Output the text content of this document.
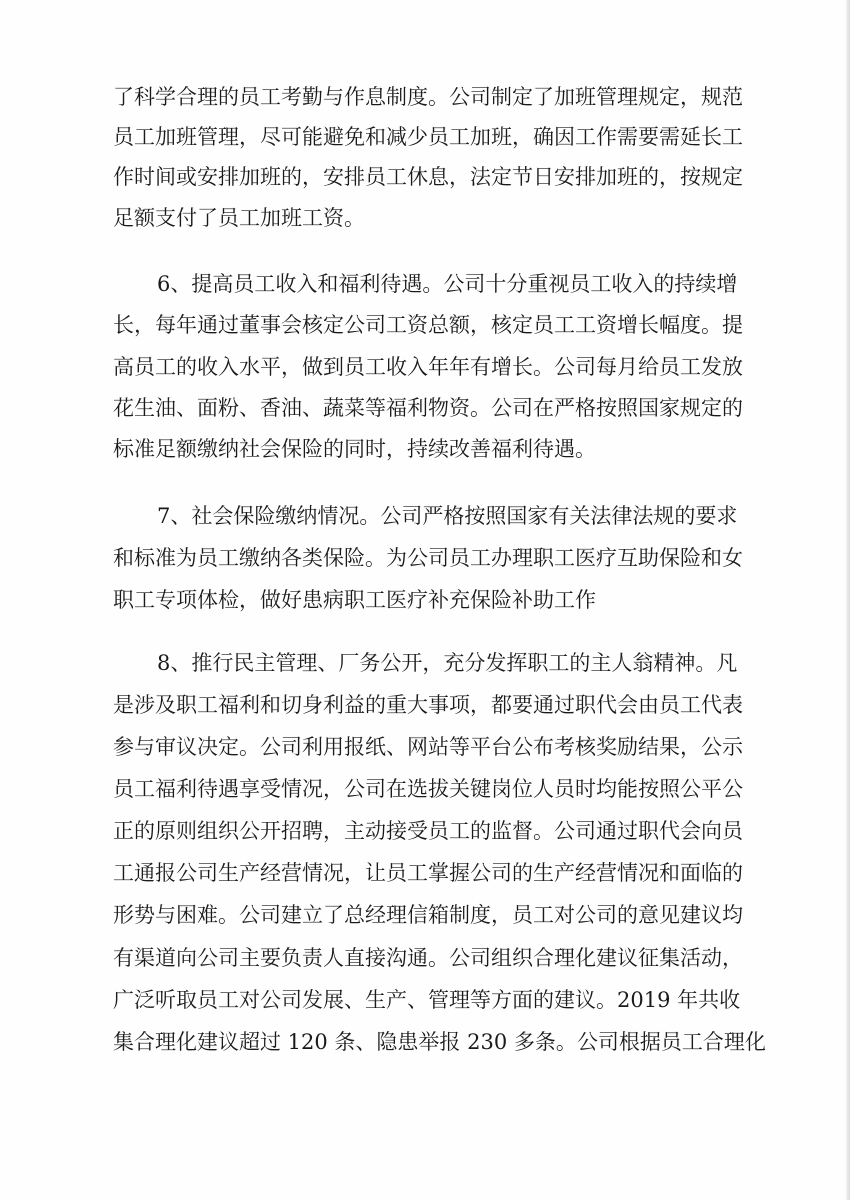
了科学合理的员工考勤与作息制度。公司制定了加班管理规定，规范
员工加班管理，尽可能避免和减少员工加班，确因工作需要需延长工
作时间或安排加班的，安排员工休息，法定节日安排加班的，按规定
足额支付了员工加班工资。
6、提高员工收入和福利待遇。公司十分重视员工收入的持续增
长，每年通过董事会核定公司工资总额，核定员工工资增长幅度。提
高员工的收入水平，做到员工收入年年有增长。公司每月给员工发放
花生油、面粉、香油、蔬菜等福利物资。公司在严格按照国家规定的
标准足额缴纳社会保险的同时，持续改善福利待遇。
7、社会保险缴纳情况。公司严格按照国家有关法律法规的要求
和标准为员工缴纳各类保险。为公司员工办理职工医疗互助保险和女
职工专项体检，做好患病职工医疗补充保险补助工作
8、推行民主管理、厂务公开，充分发挥职工的主人翁精神。凡
是涉及职工福利和切身利益的重大事项，都要通过职代会由员工代表
参与审议决定。公司利用报纸、网站等平台公布考核奖励结果，公示
员工福利待遇享受情况，公司在选拔关键岗位人员时均能按照公平公
正的原则组织公开招聘，主动接受员工的监督。公司通过职代会向员
工通报公司生产经营情况，让员工掌握公司的生产经营情况和面临的
形势与困难。公司建立了总经理信箱制度，员工对公司的意见建议均
有渠道向公司主要负责人直接沟通。公司组织合理化建议征集活动，
广泛听取员工对公司发展、生产、管理等方面的建议。2019 年共收
集合理化建议超过 120 条、隐患举报 230 多条。公司根据员工合理化
